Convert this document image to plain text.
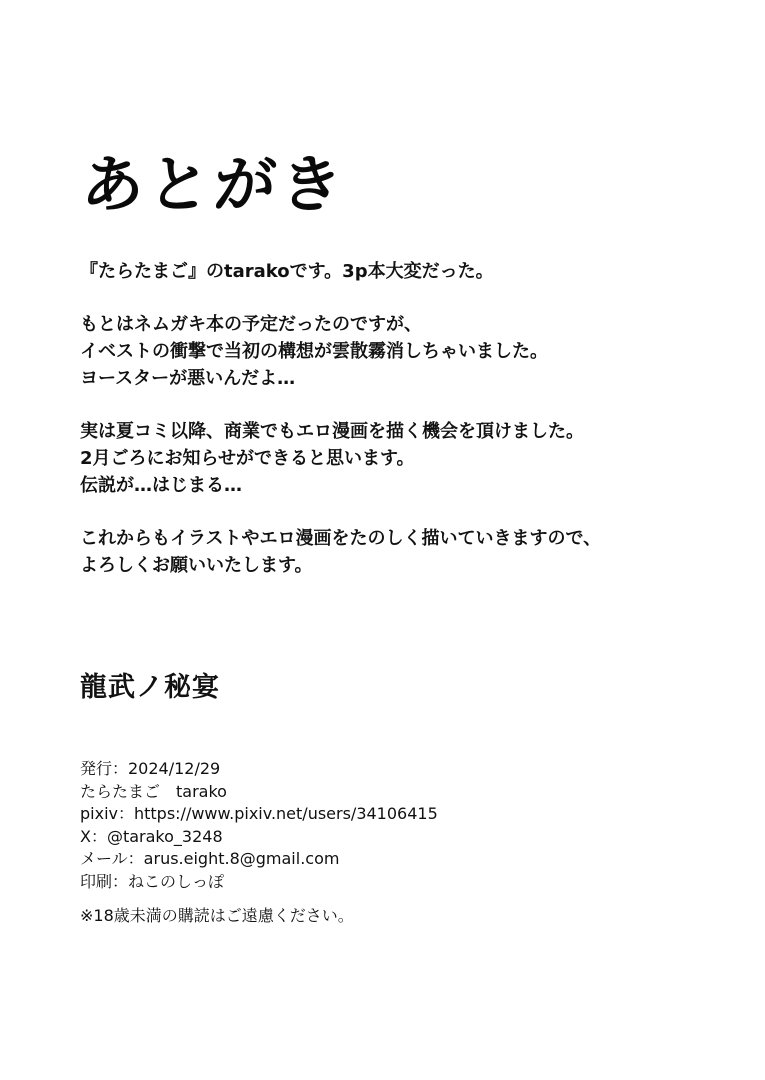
あとがき
『たらたまご』のtarakoです。3p本大変だった。
もとはネムガキ本の予定だったのですが、
イベストの衝撃で当初の構想が雲散霧消しちゃいました。
ヨースターが悪いんだよ…
実は夏コミ以降、商業でもエロ漫画を描く機会を頂けました。
2月ごろにお知らせができると思います。
伝説が…はじまる…
これからもイラストやエロ漫画をたのしく描いていきますので、
よろしくお願いいたします。
龍武ノ秘宴
発行：2024/12/29
たらたまご　tarako
pixiv：https://www.pixiv.net/users/34106415
X：@tarako_3248
メール：arus.eight.8@gmail.com
印刷：ねこのしっぽ
※18歳未満の購読はご遠慮ください。
